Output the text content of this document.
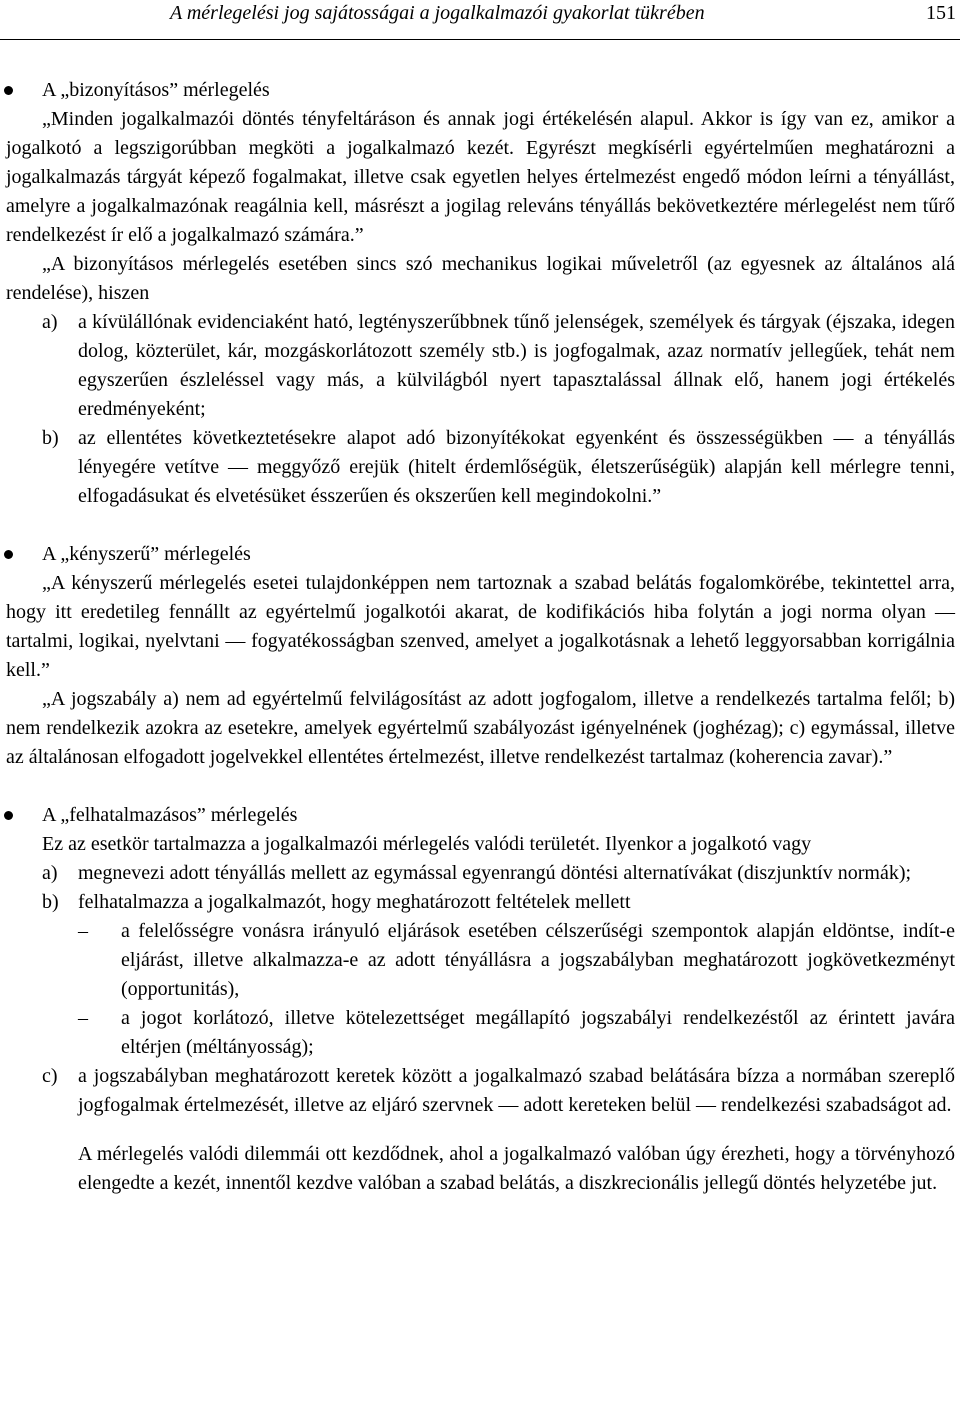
A mérlegelési jog sajátosságai a jogalkalmazói gyakorlat tükrében	151
A „bizonyításos” mérlegelés

„Minden jogalkalmazói döntés tényfeltáráson és annak jogi értékelésén alapul. Akkor is így van ez, amikor a jogalkotó a legszigorúbban megköti a jogalkalmazó kezét. Egyrészt megkísérli egyértelműen meghatározni a jogalkalmazás tárgyát képező fogalmakat, illetve csak egyetlen helyes értelmezést engedő módon leírni a tényállást, amelyre a jogalkalmazónak reagálnia kell, másrészt a jogilag releváns tényállás bekövetkeztére mérlegelést nem tűrő rendelkezést ír elő a jogalkalmazó számára.”

„A bizonyításos mérlegelés esetében sincs szó mechanikus logikai műveletről (az egyesnek az általános alá rendelése), hiszen

a) a kívülállónak evidenciaként ható, legtényszerűbbnek tűnő jelenségek, személyek és tárgyak (éjszaka, idegen dolog, közterület, kár, mozgáskorlátozott személy stb.) is jogfogalmak, azaz normatív jellegűek, tehát nem egyszerűen észleléssel vagy más, a külvilágból nyert tapasztalással állnak elő, hanem jogi értékelés eredményeként;
b) az ellentétes következtetésekre alapot adó bizonyítékokat egyenként és összességükben — a tényállás lényegére vetítve — meggyőző erejük (hitelt érdemlőségük, életszerűségük) alapján kell mérlegre tenni, elfogadásukat és elvetésüket ésszerűen és okszerűen kell megindokolni.”
A „kényszerű” mérlegelés

„A kényszerű mérlegelés esetei tulajdonképpen nem tartoznak a szabad belátás fogalomkörébe, tekintettel arra, hogy itt eredetileg fennállt az egyértelmű jogalkotói akarat, de kodifikációs hiba folytán a jogi norma olyan — tartalmi, logikai, nyelvtani — fogyatékosságban szenved, amelyet a jogalkotásnak a lehető leggyorsabban korrigálnia kell.”

„A jogszabály a) nem ad egyértelmű felvilágosítást az adott jogfogalom, illetve a rendelkezés tartalma felől; b) nem rendelkezik azokra az esetekre, amelyek egyértelmű szabályozást igényelnének (joghézag); c) egymással, illetve az általánosan elfogadott jogelvekkel ellentétes értelmezést, illetve rendelkezést tartalmaz (koherencia zavar).”

A „felhatalmazásos” mérlegelés

Ez az esetkör tartalmazza a jogalkalmazói mérlegelés valódi területét. Ilyenkor a jogalkotó vagy

a) megnevezi adott tényállás mellett az egymással egyenrangú döntési alternatívákat (diszjunktív normák);
b) felhatalmazza a jogalkalmazót, hogy meghatározott feltételek mellett
– a felelősségre vonásra irányuló eljárások esetében célszerűségi szempontok alapján eldöntse, indít-e eljárást, illetve alkalmazza-e az adott tényállásra a jogszabályban meghatározott jogkövetkezményt (opportunitás),
– a jogot korlátozó, illetve kötelezettséget megállapító jogszabályi rendelkezéstől az érintett javára eltérjen (méltányosság);
c) a jogszabályban meghatározott keretek között a jogalkalmazó szabad belátására bízza a normában szereplő jogfogalmak értelmezését, illetve az eljáró szervnek — adott kereteken belül — rendelkezési szabadságot ad.

A mérlegelés valódi dilemmái ott kezdődnek, ahol a jogalkalmazó valóban úgy érezheti, hogy a törvényhozó elengedte a kezét, innentől kezdve valóban a szabad belátás, a diszkrecionális jellegű döntés helyzetébe jut.
